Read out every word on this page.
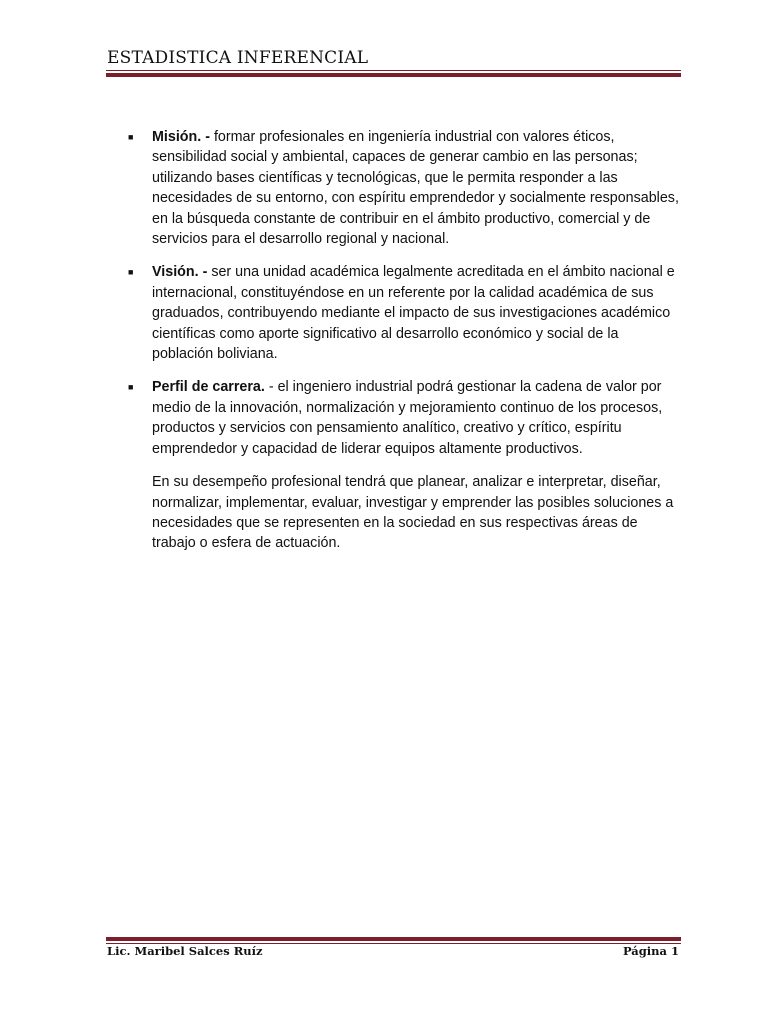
ESTADISTICA INFERENCIAL
■	Misión. - formar profesionales en ingeniería industrial con valores éticos, sensibilidad social y ambiental, capaces de generar cambio en las personas; utilizando bases científicas y tecnológicas, que le permita responder a las necesidades de su entorno, con espíritu emprendedor y socialmente responsables, en la búsqueda constante de contribuir en el ámbito productivo, comercial y de servicios para el desarrollo regional y nacional.
■	Visión. - ser una unidad académica legalmente acreditada en el ámbito nacional e internacional, constituyéndose en un referente por la calidad académica de sus graduados, contribuyendo mediante el impacto de sus investigaciones académico científicas como aporte significativo al desarrollo económico y social de la población boliviana.
■	Perfil de carrera. - el ingeniero industrial podrá gestionar la cadena de valor por medio de la innovación, normalización y mejoramiento continuo de los procesos, productos y servicios con pensamiento analítico, creativo y crítico, espíritu emprendedor y capacidad de liderar equipos altamente productivos.
En su desempeño profesional tendrá que planear, analizar e interpretar, diseñar, normalizar, implementar, evaluar, investigar y emprender las posibles soluciones a necesidades que se representen en la sociedad en sus respectivas áreas de trabajo o esfera de actuación.
Lic. Maribel Salces Ruíz	Página 1
